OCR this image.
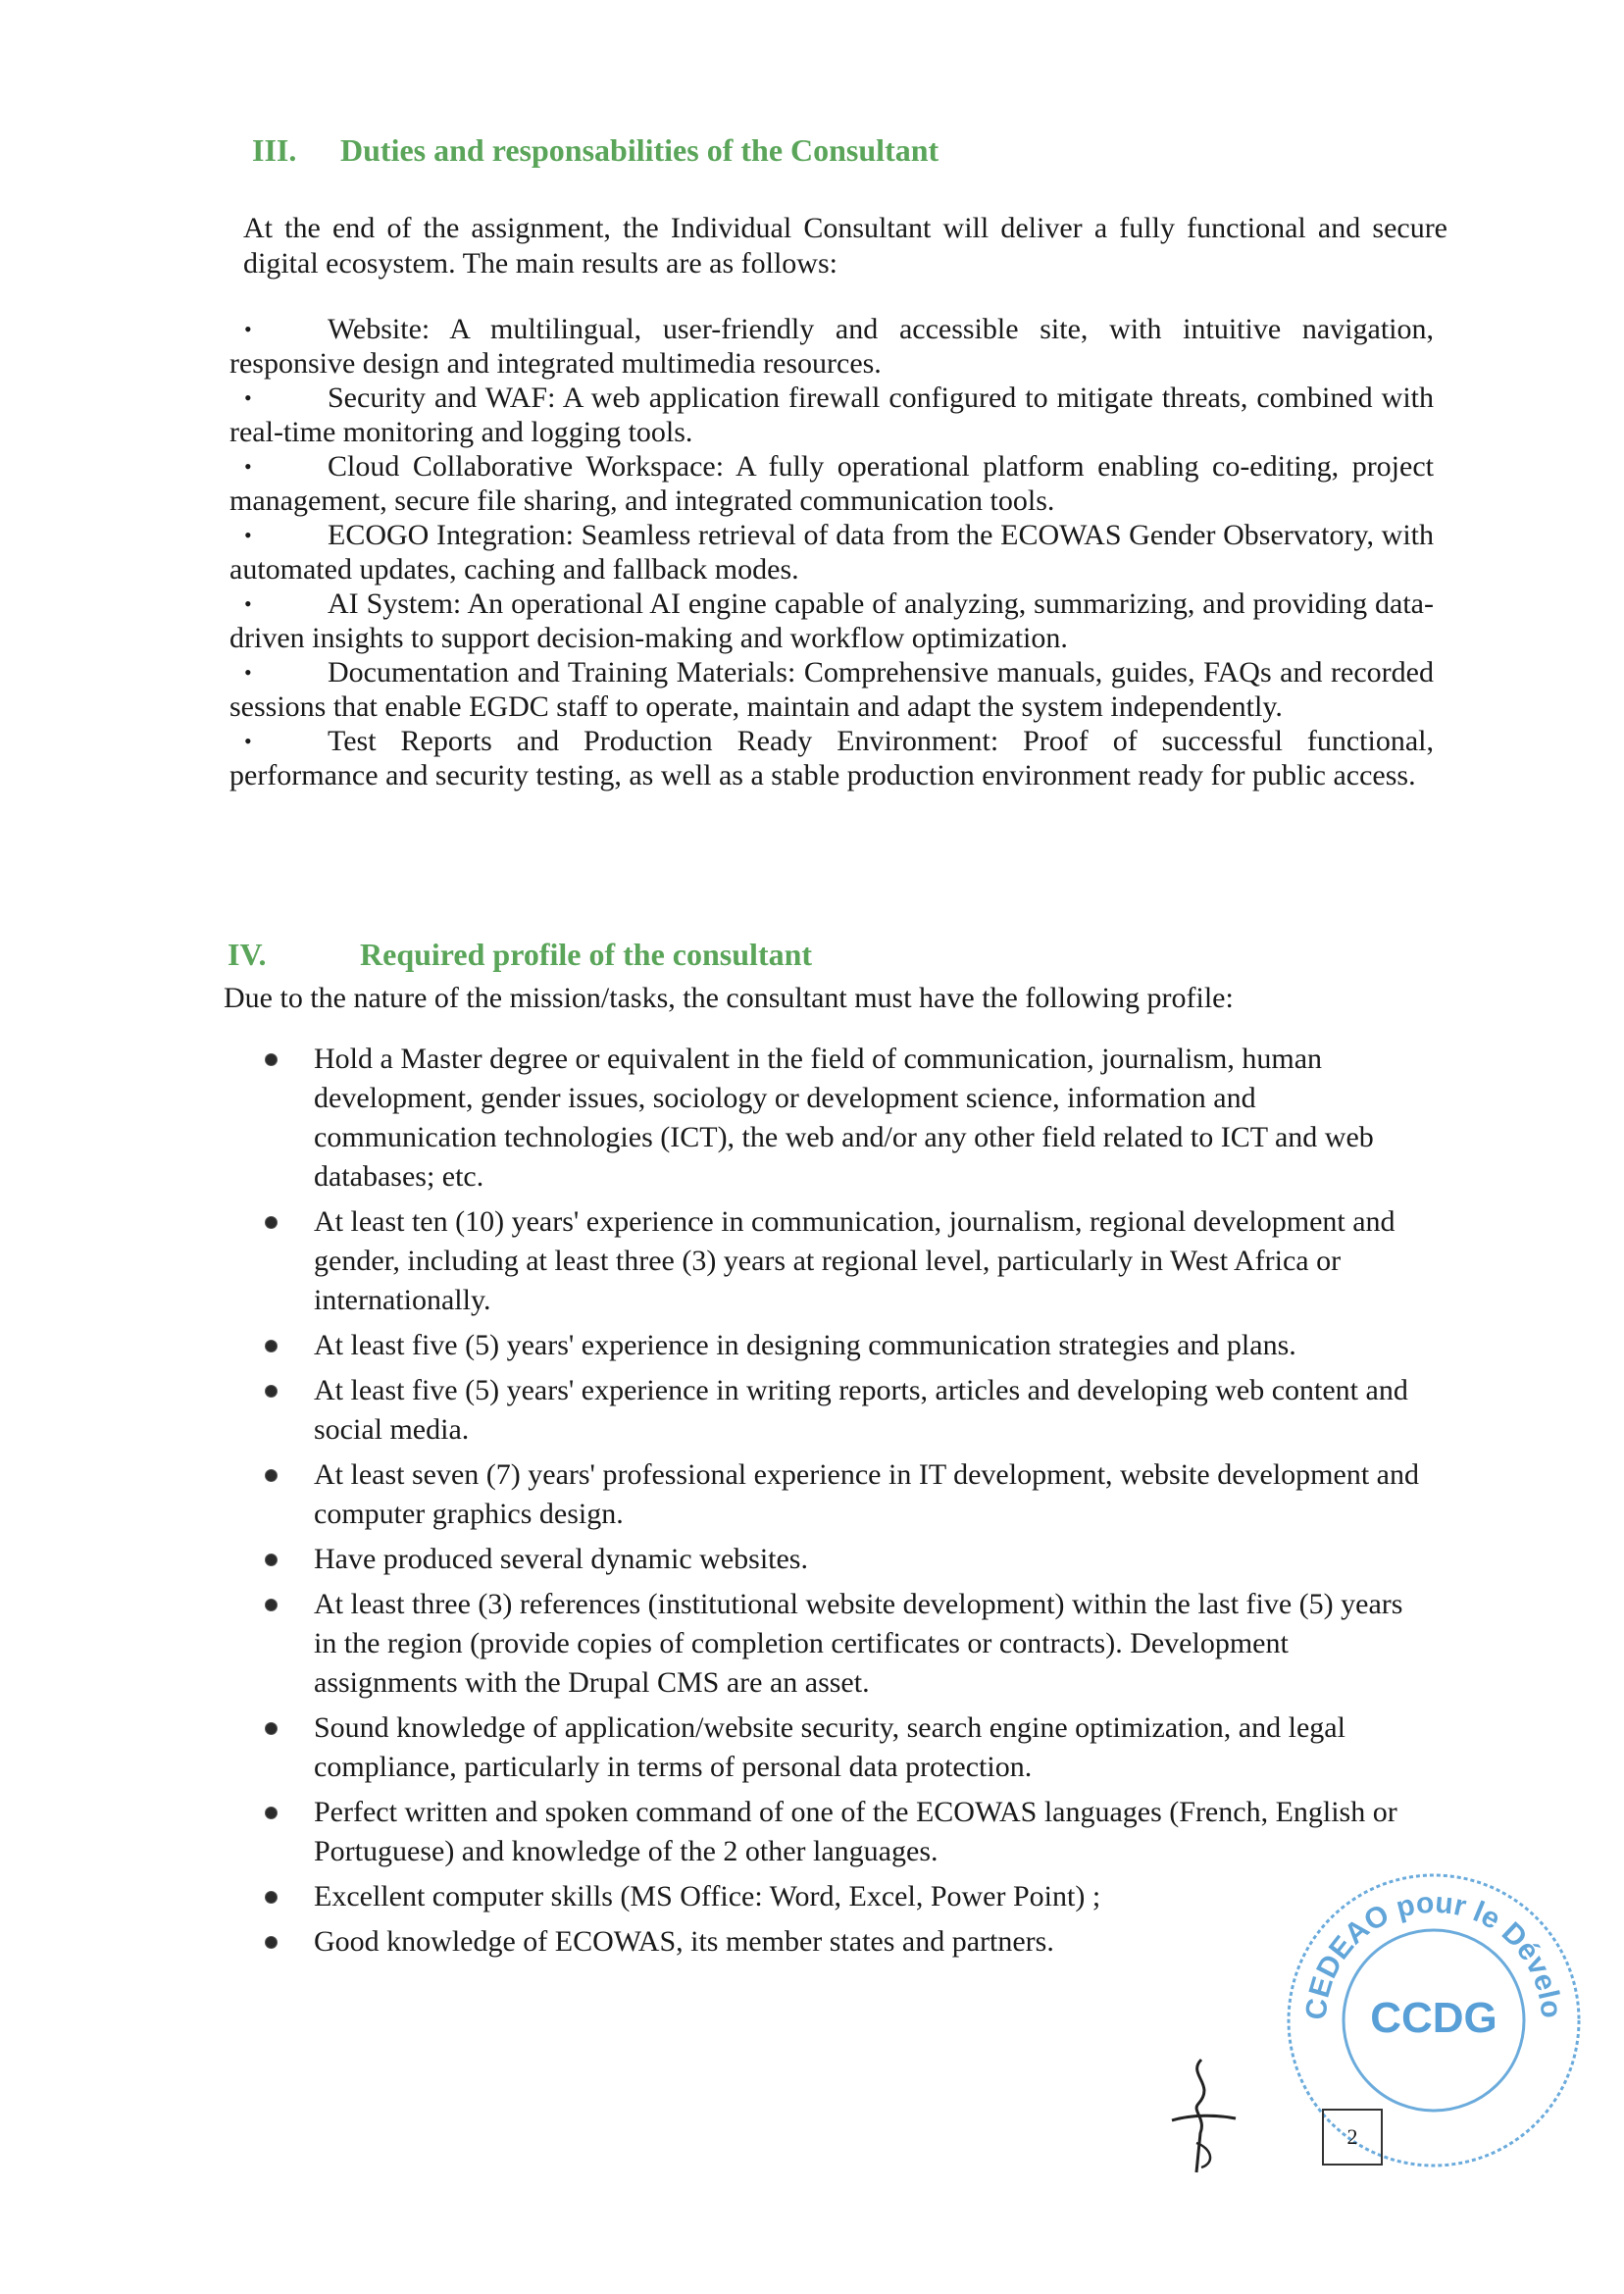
III. Duties and responsabilities of the Consultant
At the end of the assignment, the Individual Consultant will deliver a fully functional and secure digital ecosystem. The main results are as follows:

•	Website: A multilingual, user-friendly and accessible site, with intuitive navigation, responsive design and integrated multimedia resources.

•	Security and WAF: A web application firewall configured to mitigate threats, combined with real-time monitoring and logging tools.

•	Cloud Collaborative Workspace: A fully operational platform enabling co-editing, project management, secure file sharing, and integrated communication tools.

•	ECOGO Integration: Seamless retrieval of data from the ECOWAS Gender Observatory, with automated updates, caching and fallback modes.

•	AI System: An operational AI engine capable of analyzing, summarizing, and providing data-driven insights to support decision-making and workflow optimization.

•	Documentation and Training Materials: Comprehensive manuals, guides, FAQs and recorded sessions that enable EGDC staff to operate, maintain and adapt the system independently.

•	Test Reports and Production Ready Environment: Proof of successful functional, performance and security testing, as well as a stable production environment ready for public access.

IV.	Required profile of the consultant
Due to the nature of the mission/tasks, the consultant must have the following profile:
Hold a Master degree or equivalent in the field of communication, journalism, human development, gender issues, sociology or development science, information and communication technologies (ICT), the web and/or any other field related to ICT and web databases; etc.
At least ten (10) years' experience in communication, journalism, regional development and gender, including at least three (3) years at regional level, particularly in West Africa or internationally.
At least five (5) years' experience in designing communication strategies and plans.
At least five (5) years' experience in writing reports, articles and developing web content and social media.
At least seven (7) years' professional experience in IT development, website development and computer graphics design.
Have produced several dynamic websites.
At least three (3) references (institutional website development) within the last five (5) years in the region (provide copies of completion certificates or contracts). Development assignments with the Drupal CMS are an asset.
Sound knowledge of application/website security, search engine optimization, and legal compliance, particularly in terms of personal data protection.
Perfect written and spoken command of one of the ECOWAS languages (French, English or Portuguese) and knowledge of the 2 other languages.
Excellent computer skills (MS Office: Word, Excel, Power Point) ;
Good knowledge of ECOWAS, its member states and partners.
CEDEAO pour le Dévelo
CCDG
2
